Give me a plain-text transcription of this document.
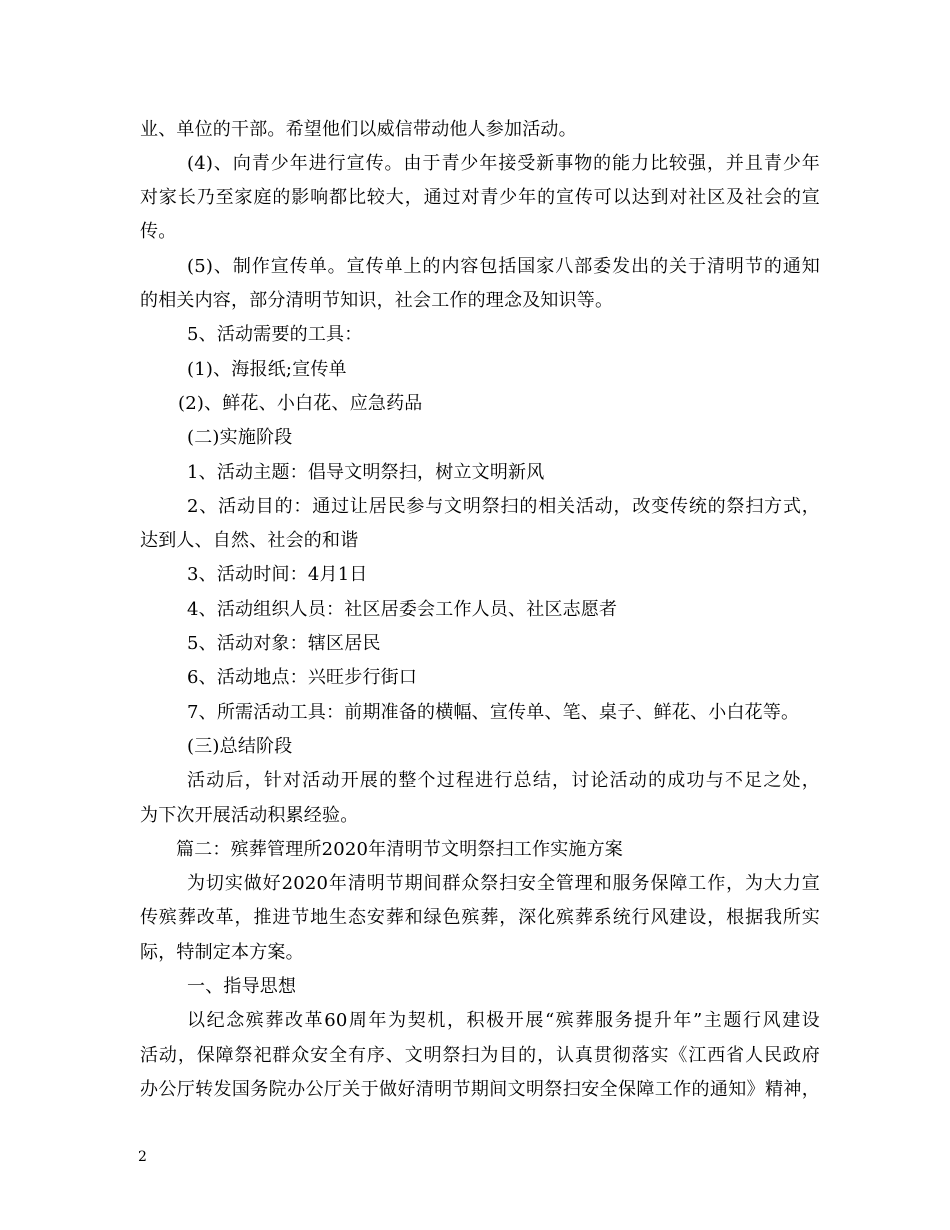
业、单位的干部。希望他们以威信带动他人参加活动。
(4)、向青少年进行宣传。由于青少年接受新事物的能力比较强，并且青少年
对家长乃至家庭的影响都比较大，通过对青少年的宣传可以达到对社区及社会的宣
传。
(5)、制作宣传单。宣传单上的内容包括国家八部委发出的关于清明节的通知
的相关内容，部分清明节知识，社会工作的理念及知识等。
5、活动需要的工具：
(1)、海报纸;宣传单
(2)、鲜花、小白花、应急药品
(二)实施阶段
1、活动主题：倡导文明祭扫，树立文明新风
2、活动目的：通过让居民参与文明祭扫的相关活动，改变传统的祭扫方式，
达到人、自然、社会的和谐
3、活动时间：4月1日
4、活动组织人员：社区居委会工作人员、社区志愿者
5、活动对象：辖区居民
6、活动地点：兴旺步行街口
7、所需活动工具：前期准备的横幅、宣传单、笔、桌子、鲜花、小白花等。
(三)总结阶段
活动后，针对活动开展的整个过程进行总结，讨论活动的成功与不足之处，
为下次开展活动积累经验。
篇二：殡葬管理所2020年清明节文明祭扫工作实施方案
为切实做好2020年清明节期间群众祭扫安全管理和服务保障工作，为大力宣
传殡葬改革，推进节地生态安葬和绿色殡葬，深化殡葬系统行风建设，根据我所实
际，特制定本方案。
一、指导思想
以纪念殡葬改革60周年为契机，积极开展“殡葬服务提升年”主题行风建设
活动，保障祭祀群众安全有序、文明祭扫为目的，认真贯彻落实《江西省人民政府
办公厅转发国务院办公厅关于做好清明节期间文明祭扫安全保障工作的通知》精神，
2
